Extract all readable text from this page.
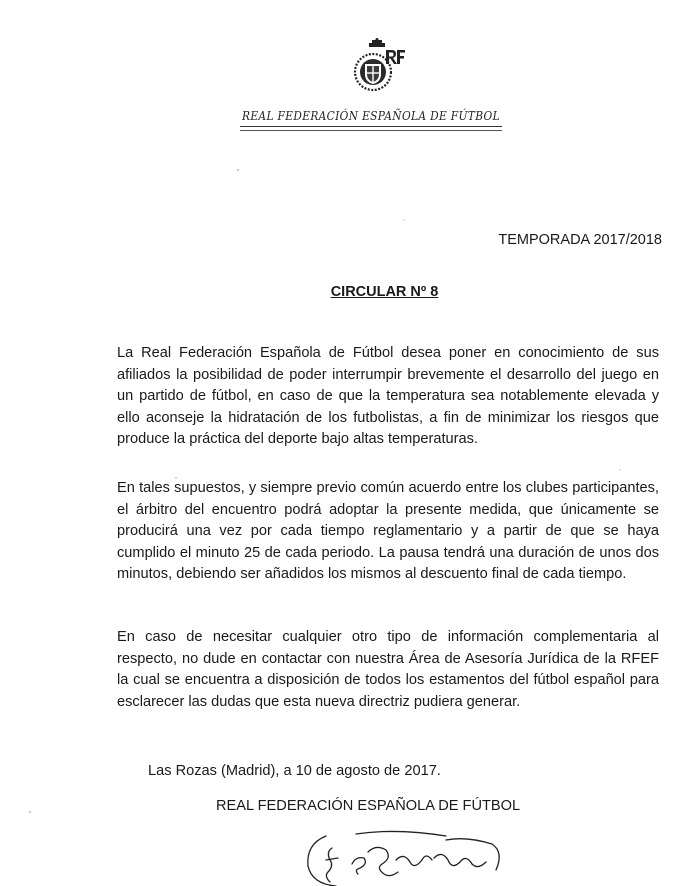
REAL FEDERACIÓN ESPAÑOLA DE FÚTBOL
TEMPORADA 2017/2018
CIRCULAR Nº 8

La Real Federación Española de Fútbol desea poner en conocimiento de sus afiliados la posibilidad de poder interrumpir brevemente el desarrollo del juego en un partido de fútbol, en caso de que la temperatura sea notablemente elevada y ello aconseje la hidratación de los futbolistas, a fin de minimizar los riesgos que produce la práctica del deporte bajo altas temperaturas.

En tales supuestos, y siempre previo común acuerdo entre los clubes participantes, el árbitro del encuentro podrá adoptar la presente medida, que únicamente se producirá una vez por cada tiempo reglamentario y a partir de que se haya cumplido el minuto 25 de cada periodo. La pausa tendrá una duración de unos dos minutos, debiendo ser añadidos los mismos al descuento final de cada tiempo.

En caso de necesitar cualquier otro tipo de información complementaria al respecto, no dude en contactar con nuestra Área de Asesoría Jurídica de la RFEF la cual se encuentra a disposición de todos los estamentos del fútbol español para esclarecer las dudas que esta nueva directriz pudiera generar.

Las Rozas (Madrid), a 10 de agosto de 2017.
REAL FEDERACIÓN ESPAÑOLA DE FÚTBOL
